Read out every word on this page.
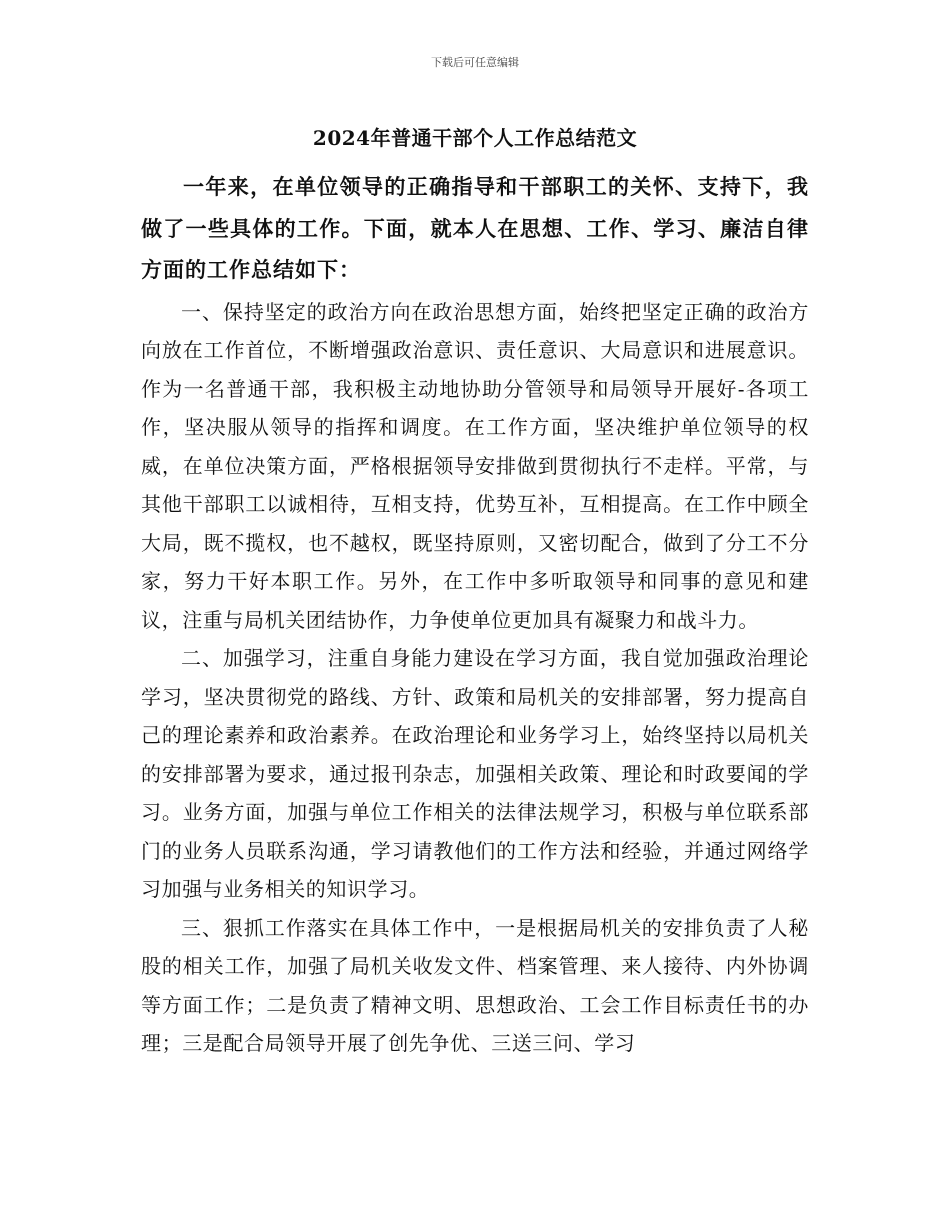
下载后可任意编辑
2024年普通干部个人工作总结范文

一年来，在单位领导的正确指导和干部职工的关怀、支持下，我做了一些具体的工作。下面，就本人在思想、工作、学习、廉洁自律方面的工作总结如下：

一、保持坚定的政治方向在政治思想方面，始终把坚定正确的政治方向放在工作首位，不断增强政治意识、责任意识、大局意识和进展意识。作为一名普通干部，我积极主动地协助分管领导和局领导开展好-各项工作，坚决服从领导的指挥和调度。在工作方面，坚决维护单位领导的权威，在单位决策方面，严格根据领导安排做到贯彻执行不走样。平常，与其他干部职工以诚相待，互相支持，优势互补，互相提高。在工作中顾全大局，既不揽权，也不越权，既坚持原则，又密切配合，做到了分工不分家，努力干好本职工作。另外，在工作中多听取领导和同事的意见和建议，注重与局机关团结协作，力争使单位更加具有凝聚力和战斗力。

二、加强学习，注重自身能力建设在学习方面，我自觉加强政治理论学习，坚决贯彻党的路线、方针、政策和局机关的安排部署，努力提高自己的理论素养和政治素养。在政治理论和业务学习上，始终坚持以局机关的安排部署为要求，通过报刊杂志，加强相关政策、理论和时政要闻的学习。业务方面，加强与单位工作相关的法律法规学习，积极与单位联系部门的业务人员联系沟通，学习请教他们的工作方法和经验，并通过网络学习加强与业务相关的知识学习。

三、狠抓工作落实在具体工作中，一是根据局机关的安排负责了人秘股的相关工作，加强了局机关收发文件、档案管理、来人接待、内外协调等方面工作；二是负责了精神文明、思想政治、工会工作目标责任书的办理；三是配合局领导开展了创先争优、三送三问、学习
